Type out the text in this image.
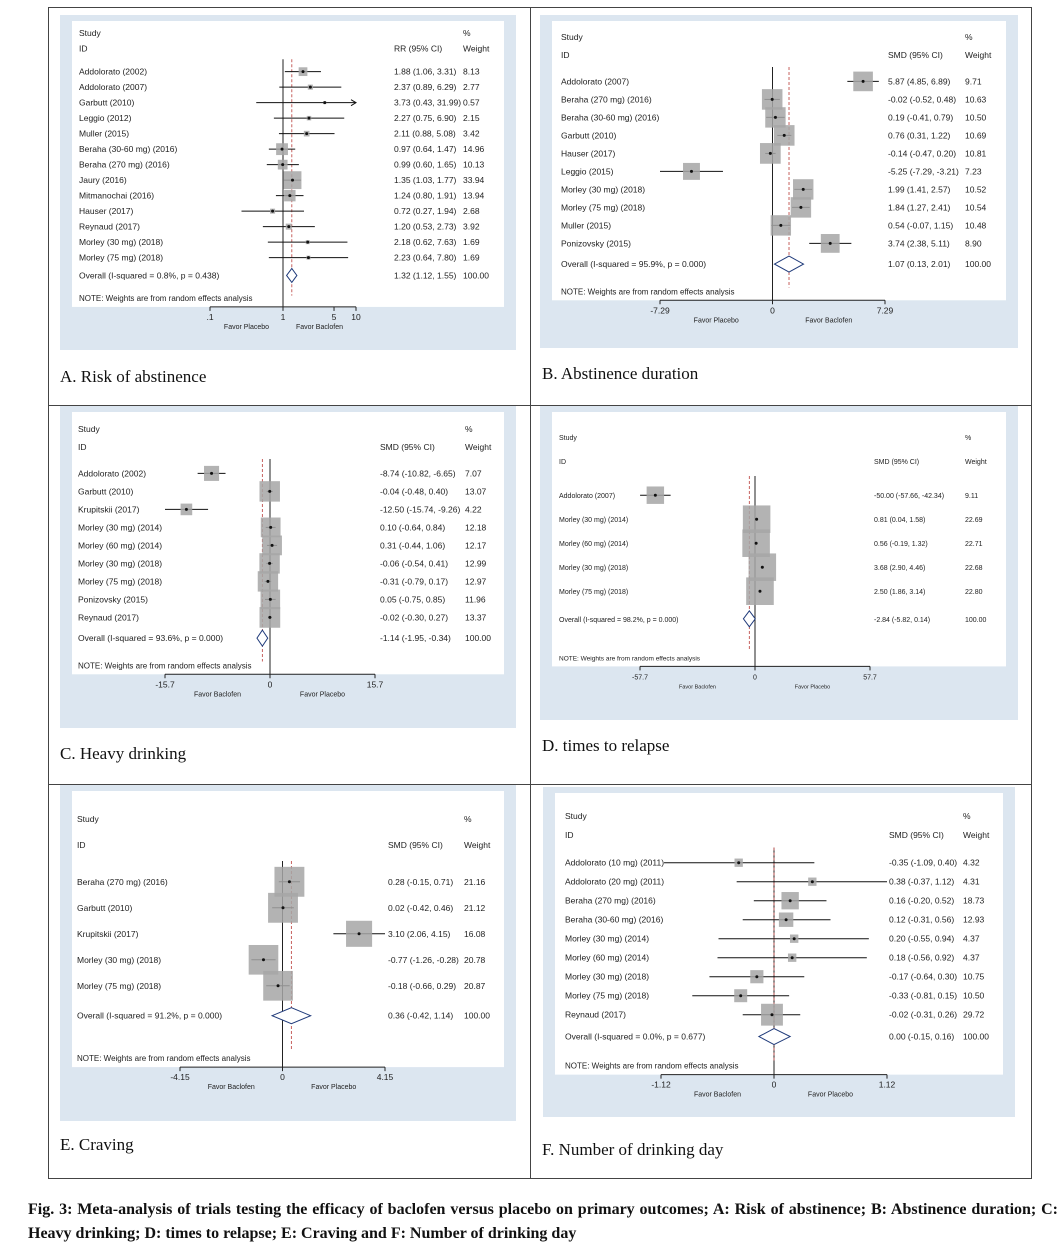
Study
ID	RR (95% CI)
%
Weight
Addolorato (2002)	1.88 (1.06, 3.31) 8.13
Addolorato (2007)	2.37 (0.89, 6.29) 2.77
Garbutt (2010)	3.73 (0.43, 31.99) 0.57
Leggio (2012)	2.27 (0.75, 6.90) 2.15
Muller (2015)	2.11 (0.88, 5.08) 3.42
Beraha (30-60 mg) (2016)	0.97 (0.64, 1.47) 14.96
Beraha (270 mg) (2016)	0.99 (0.60, 1.65) 10.13
Jaury (2016)	1.35 (1.03, 1.77) 33.94
Mitmanochai (2016)	1.24 (0.80, 1.91) 13.94
Hauser (2017)	0.72 (0.27, 1.94) 2.68
Reynaud (2017)	1.20 (0.53, 2.73) 3.92
Morley (30 mg) (2018)	2.18 (0.62, 7.63) 1.69
Morley (75 mg) (2018)	2.23 (0.64, 7.80) 1.69
Overall (I-squared = 0.8%, p = 0.438)	1.32 (1.12, 1.55) 100.00
NOTE: Weights are from random effects analysis
.1	1	5 10
Favor Placebo	Favor Baclofen
A. Risk of abstinence
Study
ID	SMD (95% CI)
%
Weight
Addolorato (2007)	5.87 (4.85, 6.89) 9.71
Beraha (270 mg) (2016)	-0.02 (-0.52, 0.48) 10.63
Beraha (30-60 mg) (2016)	0.19 (-0.41, 0.79) 10.50
Garbutt (2010)	0.76 (0.31, 1.22) 10.69
Hauser (2017)	-0.14 (-0.47, 0.20) 10.81
Leggio (2015)	-5.25 (-7.29, -3.21) 7.23
Morley (30 mg) (2018)	1.99 (1.41, 2.57) 10.52
Morley (75 mg) (2018)	1.84 (1.27, 2.41) 10.54
Muller (2015)	0.54 (-0.07, 1.15) 10.48
Ponizovsky (2015)	3.74 (2.38, 5.11) 8.90
Overall (I-squared = 95.9%, p = 0.000)	1.07 (0.13, 2.01) 100.00
NOTE: Weights are from random effects analysis
-7.29	0	7.29
Favor Placebo	Favor Baclofen
B. Abstinence duration
Study
ID	SMD (95% CI)
%
Weight
Addolorato (2002)	-8.74 (-10.82, -6.65) 7.07
Garbutt (2010)	-0.04 (-0.48, 0.40) 13.07
Krupitskii (2017)	-12.50 (-15.74, -9.26) 4.22
Morley (30 mg) (2014)	0.10 (-0.64, 0.84) 12.18
Morley (60 mg) (2014)	0.31 (-0.44, 1.06) 12.17
Morley (30 mg) (2018)	-0.06 (-0.54, 0.41) 12.99
Morley (75 mg) (2018)	-0.31 (-0.79, 0.17) 12.97
Ponizovsky (2015)	0.05 (-0.75, 0.85) 11.96
Reynaud (2017)	-0.02 (-0.30, 0.27) 13.37
Overall (I-squared = 93.6%, p = 0.000)	-1.14 (-1.95, -0.34) 100.00
NOTE: Weights are from random effects analysis
-15.7	0	15.7
Favor Baclofen	Favor Placebo
C. Heavy drinking
Study
ID	SMD (95% CI)
%
Weight
Addolorato (2007)	-50.00 (-57.66, -42.34)	9.11
Morley (30 mg) (2014)	0.81 (0.04, 1.58)	22.69
Morley (60 mg) (2014)	0.56 (-0.19, 1.32)	22.71
Morley (30 mg) (2018)	3.68 (2.90, 4.46)	22.68
Morley (75 mg) (2018)	2.50 (1.86, 3.14)	22.80
Overall (I-squared = 98.2%, p = 0.000)	-2.84 (-5.82, 0.14)	100.00
NOTE: Weights are from random effects analysis
-57.7	0	57.7
Favor Baclofen	Favor Placebo
D. times to relapse
Study
ID	SMD (95% CI)
%
Weight
Beraha (270 mg) (2016)	0.28 (-0.15, 0.71) 21.16
Garbutt (2010)	0.02 (-0.42, 0.46) 21.12
Krupitskii (2017)	3.10 (2.06, 4.15) 16.08
Morley (30 mg) (2018)	-0.77 (-1.26, -0.28) 20.78
Morley (75 mg) (2018)	-0.18 (-0.66, 0.29) 20.87
Overall (I-squared = 91.2%, p = 0.000)	0.36 (-0.42, 1.14) 100.00
NOTE: Weights are from random effects analysis
-4.15	0	4.15
Favor Baclofen	Favor Placebo
E. Craving
Study
ID	SMD (95% CI)
%
Weight
Addolorato (10 mg) (2011)	-0.35 (-1.09, 0.40) 4.32
Addolorato (20 mg) (2011)	0.38 (-0.37, 1.12) 4.31
Beraha (270 mg) (2016)	0.16 (-0.20, 0.52) 18.73
Beraha (30-60 mg) (2016)	0.12 (-0.31, 0.56) 12.93
Morley (30 mg) (2014)	0.20 (-0.55, 0.94) 4.37
Morley (60 mg) (2014)	0.18 (-0.56, 0.92) 4.37
Morley (30 mg) (2018)	-0.17 (-0.64, 0.30) 10.75
Morley (75 mg) (2018)	-0.33 (-0.81, 0.15) 10.50
Reynaud (2017)	-0.02 (-0.31, 0.26) 29.72
Overall (I-squared = 0.0%, p = 0.677)	0.00 (-0.15, 0.16) 100.00
NOTE: Weights are from random effects analysis
-1.12	0	1.12
Favor Baclofen	Favor Placebo
F. Number of drinking day
Fig. 3: Meta-analysis of trials testing the efficacy of baclofen versus placebo on primary outcomes; A: Risk of abstinence; B: Abstinence duration; C: Heavy drinking; D: times to relapse; E: Craving and F: Number of drinking day
